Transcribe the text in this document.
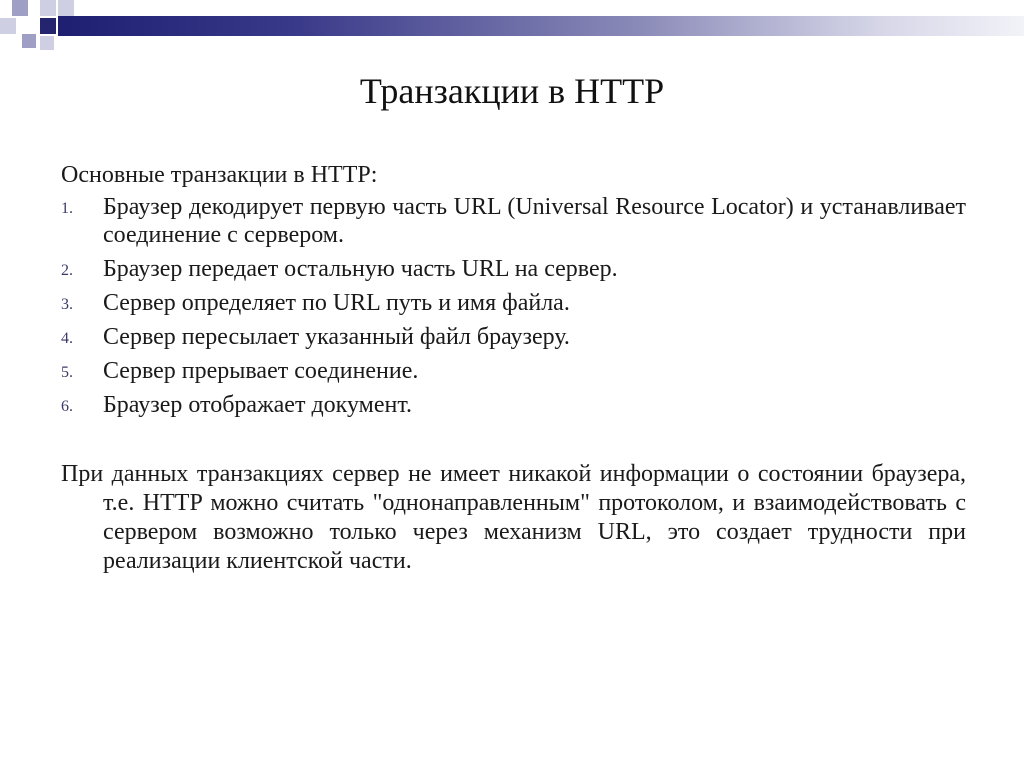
Транзакции в HTTP
Основные транзакции в HTTP:
1. Браузер декодирует первую часть URL (Universal Resource Locator) и устанавливает соединение с сервером.
2. Браузер передает остальную часть URL на сервер.
3. Сервер определяет по URL путь и имя файла.
4. Сервер пересылает указанный файл браузеру.
5. Сервер прерывает соединение.
6. Браузер отображает документ.
При данных транзакциях сервер не имеет никакой информации о состоянии браузера, т.е. HTTP можно считать "однонаправленным" протоколом, и взаимодействовать с сервером возможно только через механизм URL, это создает трудности при реализации клиентской части.
